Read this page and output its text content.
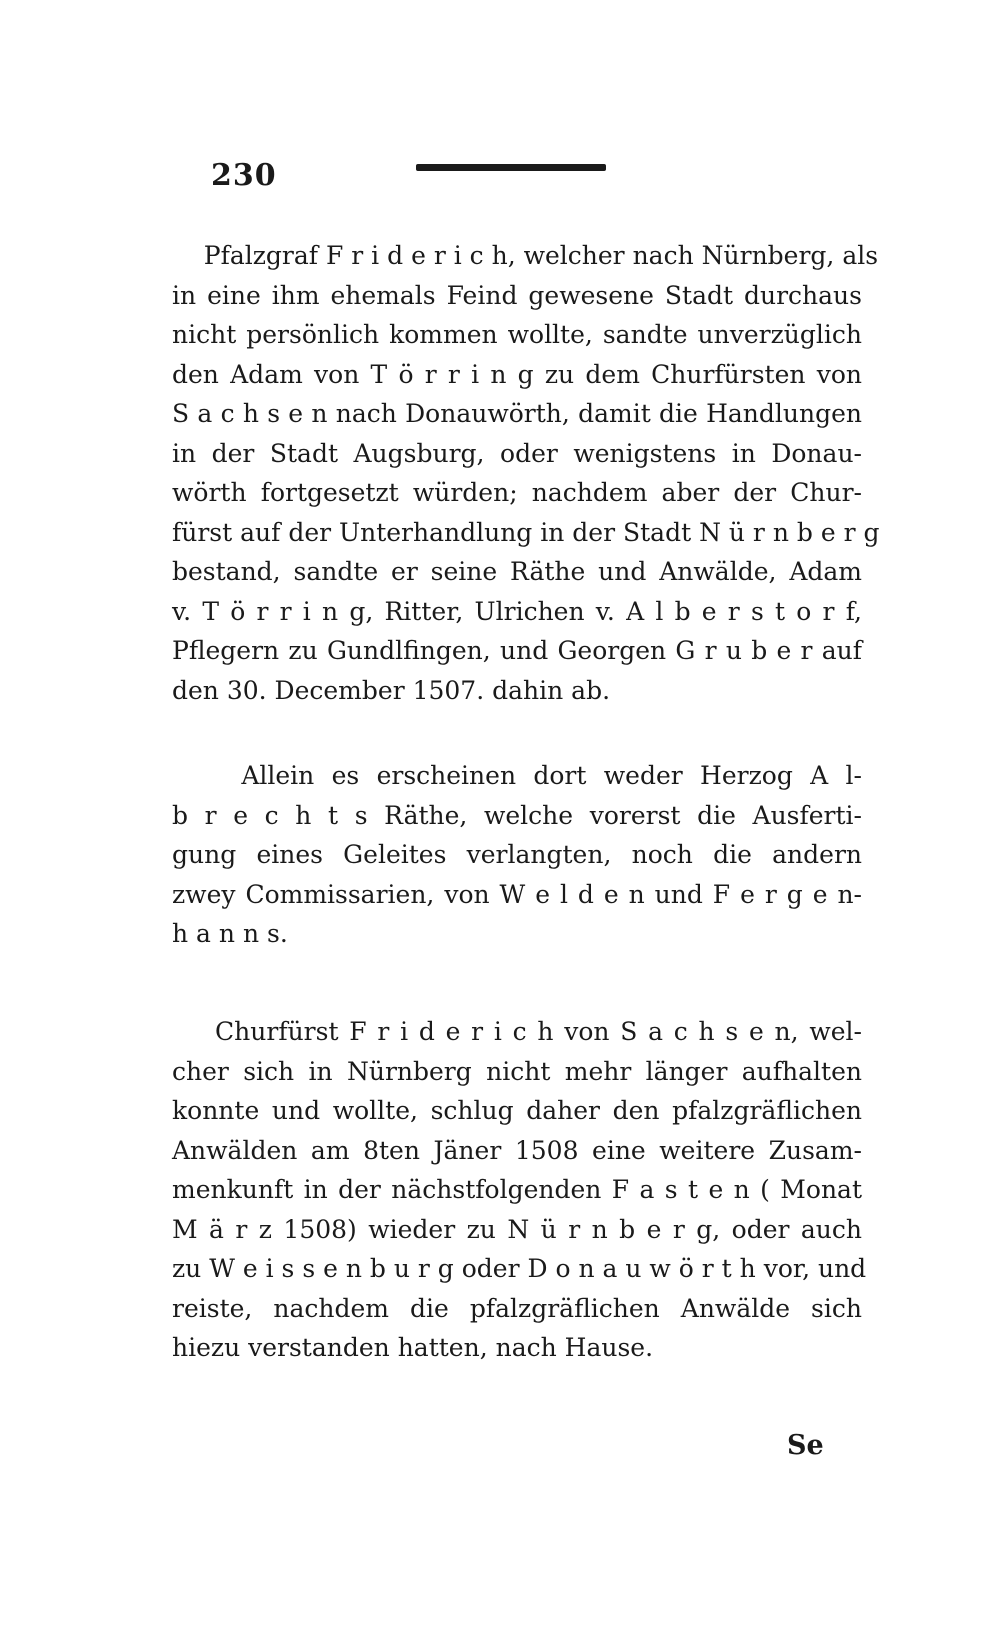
230
Pfalzgraf F r i d e r i c h, welcher nach Nürnberg, als
in eine ihm ehemals Feind gewesene Stadt durchaus
nicht persönlich kommen wollte, sandte unverzüglich
den Adam von T ö r r i n g zu dem Churfürsten von
S a c h s e n nach Donauwörth, damit die Handlungen
in der Stadt Augsburg, oder wenigstens in Donau-
wörth fortgesetzt würden; nachdem aber der Chur-
fürst auf der Unterhandlung in der Stadt N ü r n b e r g
bestand, sandte er seine Räthe und Anwälde, Adam
v. T ö r r i n g, Ritter, Ulrichen v. A l b e r s t o r f,
Pflegern zu Gundlfingen, und Georgen G r u b e r auf
den 30. December 1507. dahin ab.
Allein es erscheinen dort weder Herzog A l-
b r e c h t s Räthe, welche vorerst die Ausferti-
gung eines Geleites verlangten, noch die andern
zwey Commissarien, von W e l d e n und F e r g e n-
h a n n s.
Churfürst F r i d e r i c h von S a c h s e n, wel-
cher sich in Nürnberg nicht mehr länger aufhalten
konnte und wollte, schlug daher den pfalzgräflichen
Anwälden am 8ten Jäner 1508 eine weitere Zusam-
menkunft in der nächstfolgenden F a s t e n ( Monat
M ä r z 1508) wieder zu N ü r n b e r g, oder auch
zu W e i s s e n b u r g oder D o n a u w ö r t h vor, und
reiste, nachdem die pfalzgräflichen Anwälde sich
hiezu verstanden hatten, nach Hause.
Se
